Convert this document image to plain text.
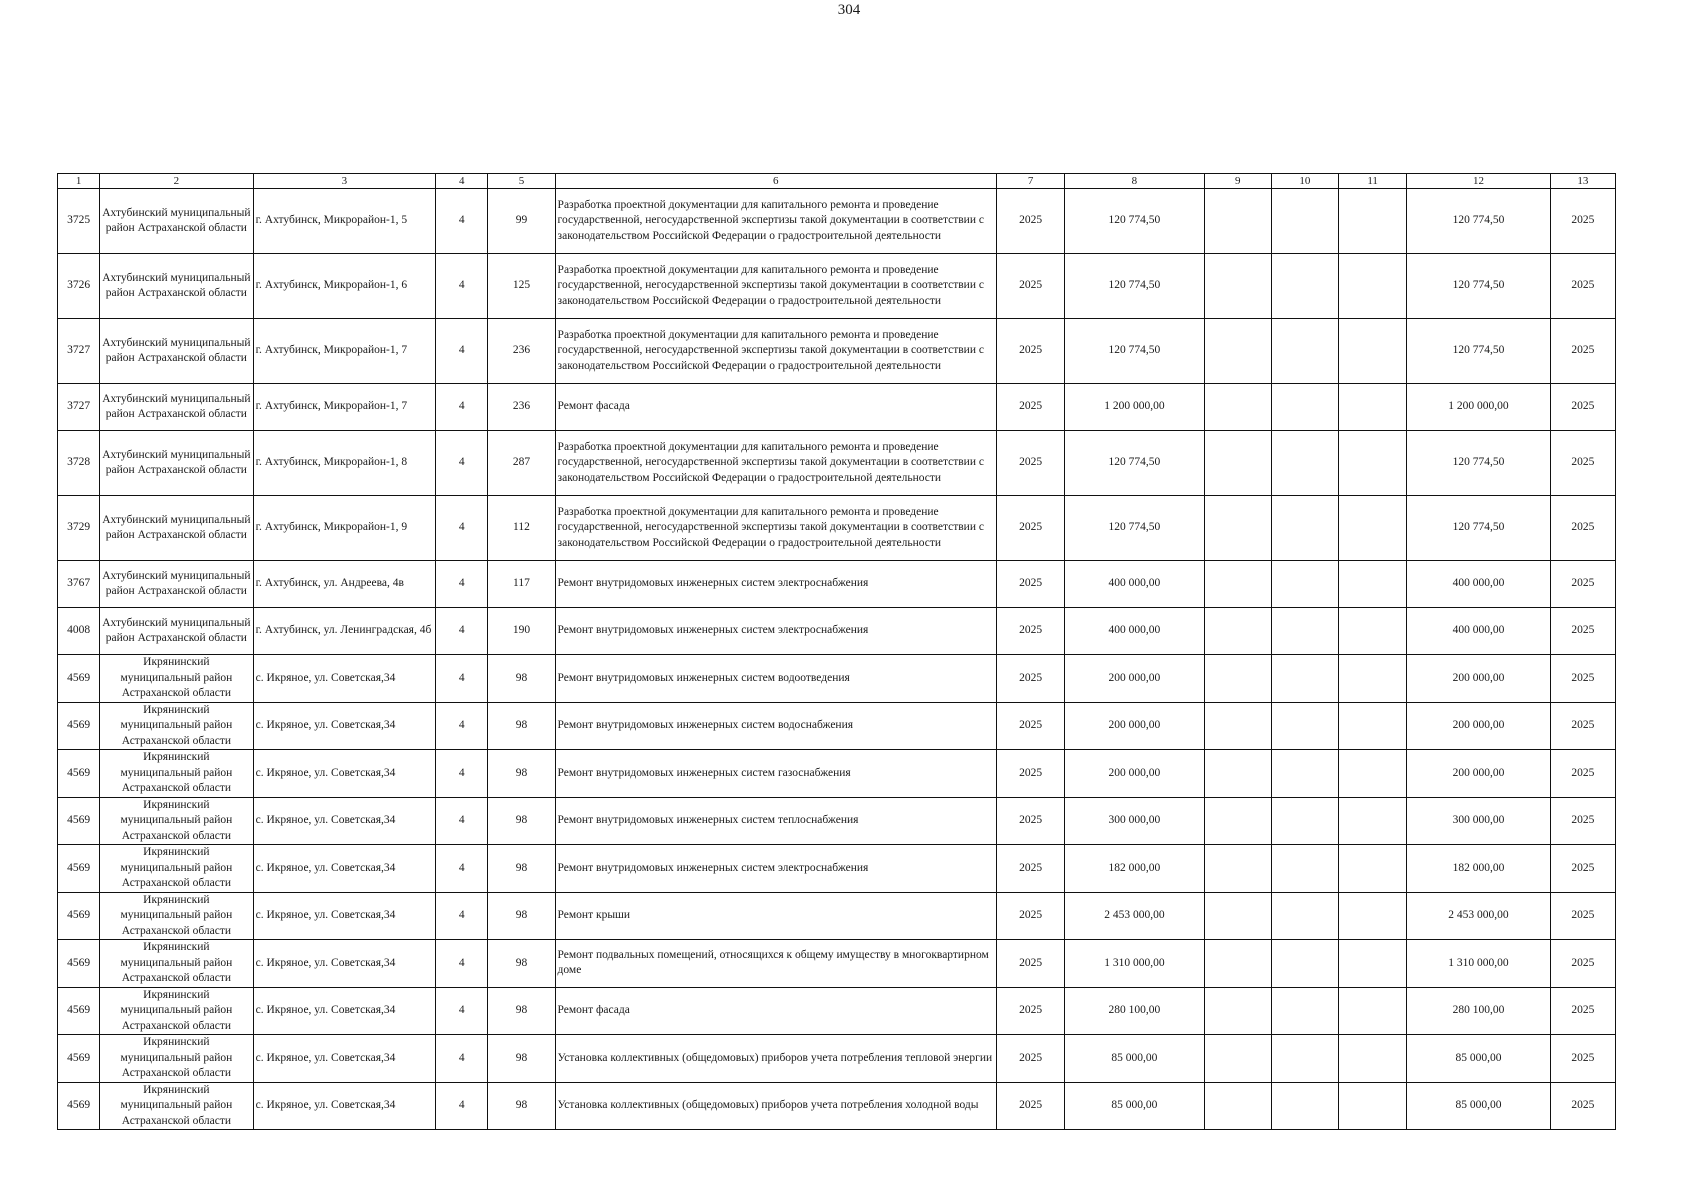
304
1	2	3	4	5	6	7	8	9	10	11	12	13
3725	Ахтубинский муниципальный район Астраханской области	г. Ахтубинск, Микрорайон-1, 5	4	99	Разработка проектной документации для капитального ремонта и проведение государственной, негосударственной экспертизы такой документации в соответствии с законодательством Российской Федерации о градостроительной деятельности	2025	120 774,50				120 774,50	2025
3726	Ахтубинский муниципальный район Астраханской области	г. Ахтубинск, Микрорайон-1, 6	4	125	Разработка проектной документации для капитального ремонта и проведение государственной, негосударственной экспертизы такой документации в соответствии с законодательством Российской Федерации о градостроительной деятельности	2025	120 774,50				120 774,50	2025
3727	Ахтубинский муниципальный район Астраханской области	г. Ахтубинск, Микрорайон-1, 7	4	236	Разработка проектной документации для капитального ремонта и проведение государственной, негосударственной экспертизы такой документации в соответствии с законодательством Российской Федерации о градостроительной деятельности	2025	120 774,50				120 774,50	2025
3727	Ахтубинский муниципальный район Астраханской области	г. Ахтубинск, Микрорайон-1, 7	4	236	Ремонт фасада	2025	1 200 000,00				1 200 000,00	2025
3728	Ахтубинский муниципальный район Астраханской области	г. Ахтубинск, Микрорайон-1, 8	4	287	Разработка проектной документации для капитального ремонта и проведение государственной, негосударственной экспертизы такой документации в соответствии с законодательством Российской Федерации о градостроительной деятельности	2025	120 774,50				120 774,50	2025
3729	Ахтубинский муниципальный район Астраханской области	г. Ахтубинск, Микрорайон-1, 9	4	112	Разработка проектной документации для капитального ремонта и проведение государственной, негосударственной экспертизы такой документации в соответствии с законодательством Российской Федерации о градостроительной деятельности	2025	120 774,50				120 774,50	2025
3767	Ахтубинский муниципальный район Астраханской области	г. Ахтубинск, ул. Андреева, 4в	4	117	Ремонт внутридомовых инженерных систем электроснабжения	2025	400 000,00				400 000,00	2025
4008	Ахтубинский муниципальный район Астраханской области	г. Ахтубинск, ул. Ленинградская, 4б	4	190	Ремонт внутридомовых инженерных систем электроснабжения	2025	400 000,00				400 000,00	2025
4569	Икрянинский муниципальный район Астраханской области	с. Икряное, ул. Советская,34	4	98	Ремонт внутридомовых инженерных систем водоотведения	2025	200 000,00				200 000,00	2025
4569	Икрянинский муниципальный район Астраханской области	с. Икряное, ул. Советская,34	4	98	Ремонт внутридомовых инженерных систем водоснабжения	2025	200 000,00				200 000,00	2025
4569	Икрянинский муниципальный район Астраханской области	с. Икряное, ул. Советская,34	4	98	Ремонт внутридомовых инженерных систем газоснабжения	2025	200 000,00				200 000,00	2025
4569	Икрянинский муниципальный район Астраханской области	с. Икряное, ул. Советская,34	4	98	Ремонт внутридомовых инженерных систем теплоснабжения	2025	300 000,00				300 000,00	2025
4569	Икрянинский муниципальный район Астраханской области	с. Икряное, ул. Советская,34	4	98	Ремонт внутридомовых инженерных систем электроснабжения	2025	182 000,00				182 000,00	2025
4569	Икрянинский муниципальный район Астраханской области	с. Икряное, ул. Советская,34	4	98	Ремонт крыши	2025	2 453 000,00				2 453 000,00	2025
4569	Икрянинский муниципальный район Астраханской области	с. Икряное, ул. Советская,34	4	98	Ремонт подвальных помещений, относящихся к общему имуществу в многоквартирном доме	2025	1 310 000,00				1 310 000,00	2025
4569	Икрянинский муниципальный район Астраханской области	с. Икряное, ул. Советская,34	4	98	Ремонт фасада	2025	280 100,00				280 100,00	2025
4569	Икрянинский муниципальный район Астраханской области	с. Икряное, ул. Советская,34	4	98	Установка коллективных (общедомовых) приборов учета потребления тепловой энергии	2025	85 000,00				85 000,00	2025
4569	Икрянинский муниципальный район Астраханской области	с. Икряное, ул. Советская,34	4	98	Установка коллективных (общедомовых) приборов учета потребления холодной воды	2025	85 000,00				85 000,00	2025
